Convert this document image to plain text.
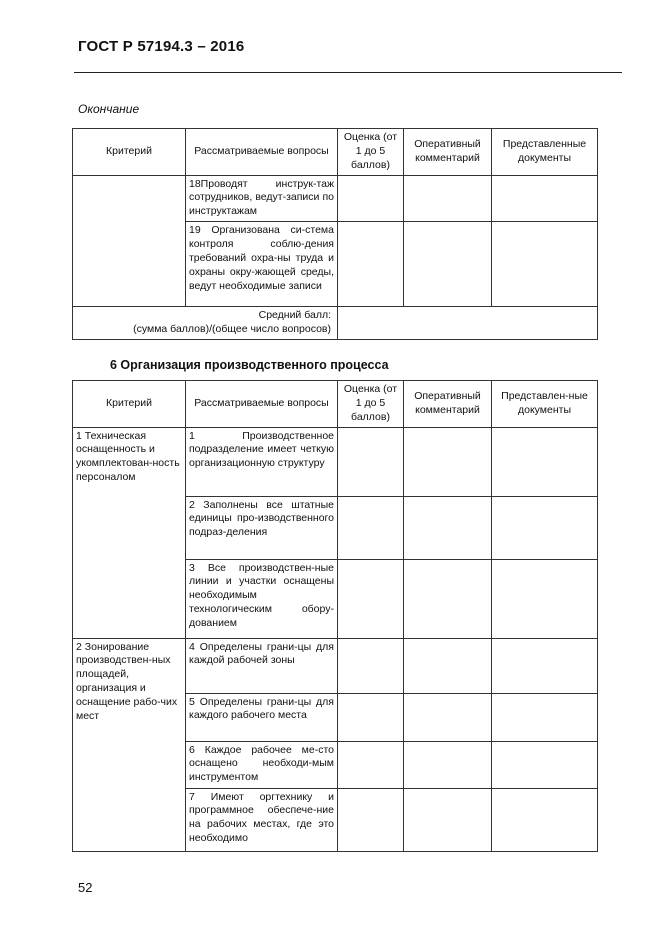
ГОСТ Р 57194.3 – 2016
Окончание
Критерий	Рассматриваемые вопросы	Оценка (от 1 до 5 баллов)	Оперативный комментарий	Представленные документы
	18Проводят инструк-таж сотрудников, ведут-записи по инструктажам			
	19 Организована си-стема контроля соблю-дения требований охра-ны труда и охраны окру-жающей среды, ведут необходимые записи			

Средний балл:
(сумма баллов)/(общее число вопросов)				

6 Организация производственного процесса
Критерий	Рассматриваемые вопросы	Оценка (от 1 до 5 баллов)	Оперативный комментарий	Представлен-ные документы
1 Техническая оснащенность и укомплектован-ность персоналом	1 Производственное подразделение имеет четкую организационную структуру			
	2 Заполнены все штатные единицы про-изводственного подраз-деления			
	3 Все производствен-ные линии и участки оснащены необходимым технологическим обору-дованием			
2 Зонирование производствен-ных площадей, организация и оснащение рабо-чих мест	4 Определены грани-цы для каждой рабочей зоны			
	5 Определены грани-цы для каждого рабочего места			
	6 Каждое рабочее ме-сто оснащено необходи-мым инструментом			
	7 Имеют оргтехнику и программное обеспече-ние на рабочих местах, где это необходимо			
52
